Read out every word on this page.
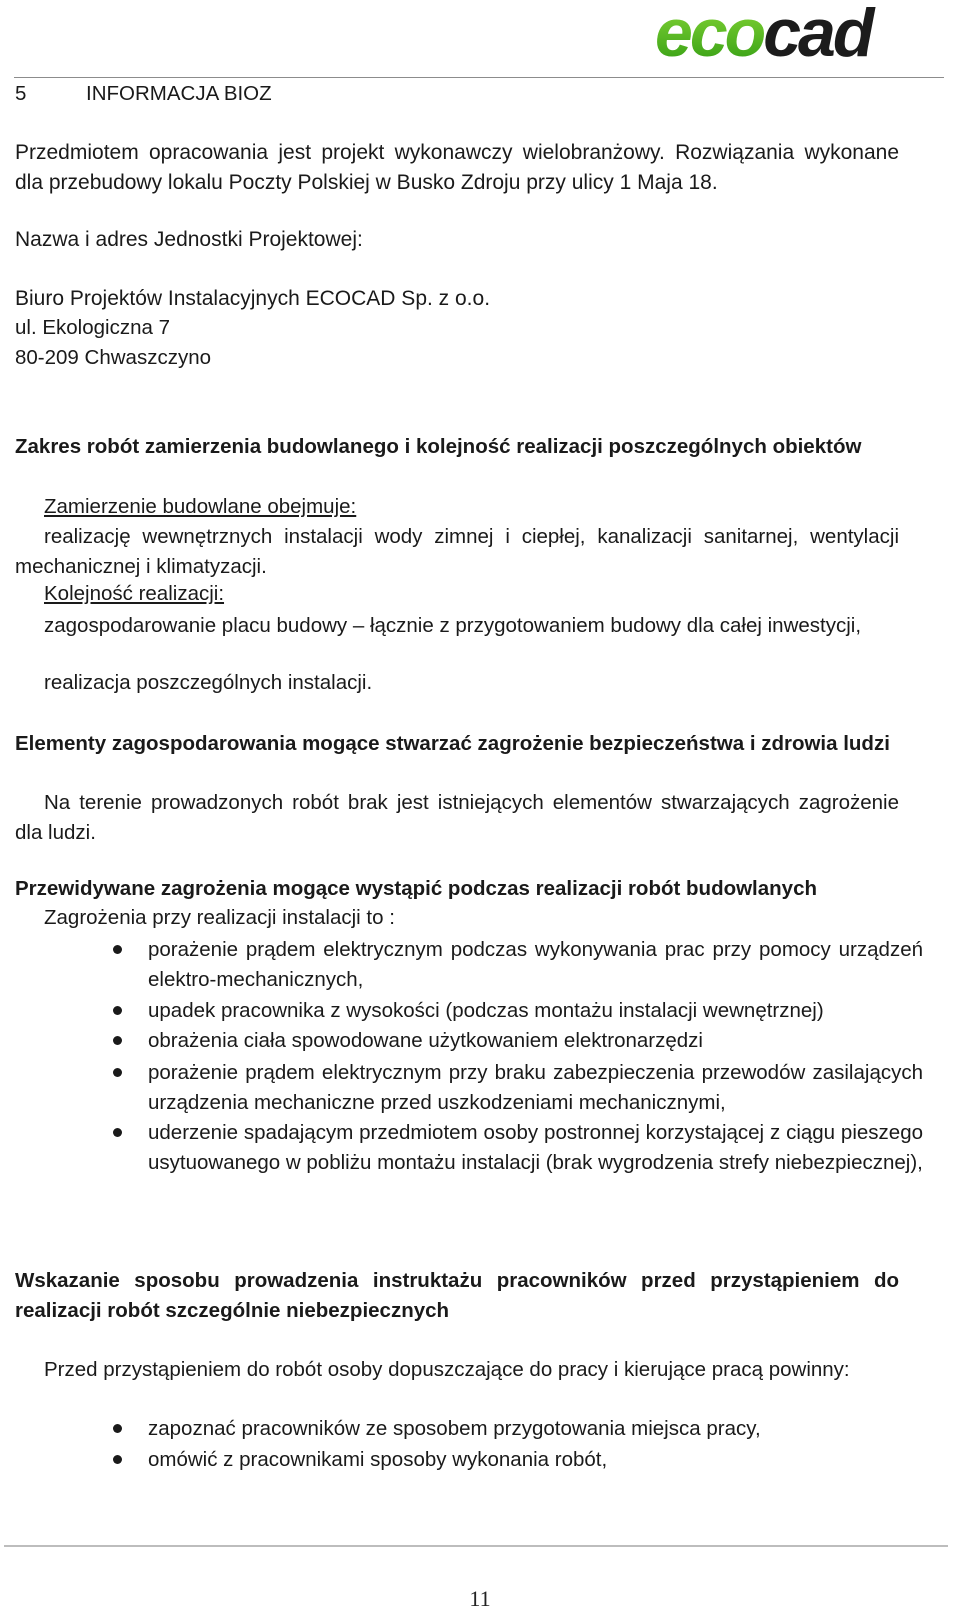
ecocad
5	INFORMACJA BIOZ
Przedmiotem opracowania jest projekt wykonawczy wielobranżowy. Rozwiązania wykonane dla przebudowy lokalu Poczty Polskiej w Busko Zdroju przy ulicy 1 Maja 18.
Nazwa i adres Jednostki Projektowej:
Biuro Projektów Instalacyjnych ECOCAD Sp. z o.o.
ul. Ekologiczna 7
80-209 Chwaszczyno
Zakres robót zamierzenia budowlanego i kolejność realizacji poszczególnych obiektów
Zamierzenie budowlane obejmuje:
realizację wewnętrznych instalacji wody zimnej i ciepłej, kanalizacji sanitarnej, wentylacji mechanicznej i klimatyzacji.
Kolejność realizacji:
zagospodarowanie placu budowy – łącznie z przygotowaniem budowy dla całej inwestycji,
realizacja poszczególnych instalacji.
Elementy zagospodarowania mogące stwarzać zagrożenie bezpieczeństwa i zdrowia ludzi
Na terenie prowadzonych robót brak jest istniejących elementów stwarzających zagrożenie dla ludzi.
Przewidywane zagrożenia mogące wystąpić podczas realizacji robót budowlanych
Zagrożenia przy realizacji instalacji to :
porażenie prądem elektrycznym podczas wykonywania prac przy pomocy urządzeń elektro-mechanicznych,
upadek pracownika z wysokości (podczas montażu instalacji wewnętrznej)
obrażenia ciała spowodowane użytkowaniem elektronarzędzi
porażenie prądem elektrycznym przy braku zabezpieczenia przewodów zasilających urządzenia mechaniczne przed uszkodzeniami mechanicznymi,
uderzenie spadającym przedmiotem osoby postronnej korzystającej z ciągu pieszego usytuowanego w pobliżu montażu instalacji (brak wygrodzenia strefy niebezpiecznej),
Wskazanie sposobu prowadzenia instruktażu pracowników przed przystąpieniem do realizacji robót szczególnie niebezpiecznych
Przed przystąpieniem do robót osoby dopuszczające do pracy i kierujące pracą powinny:
zapoznać pracowników ze sposobem przygotowania miejsca pracy,
omówić z pracownikami sposoby wykonania robót,
11
